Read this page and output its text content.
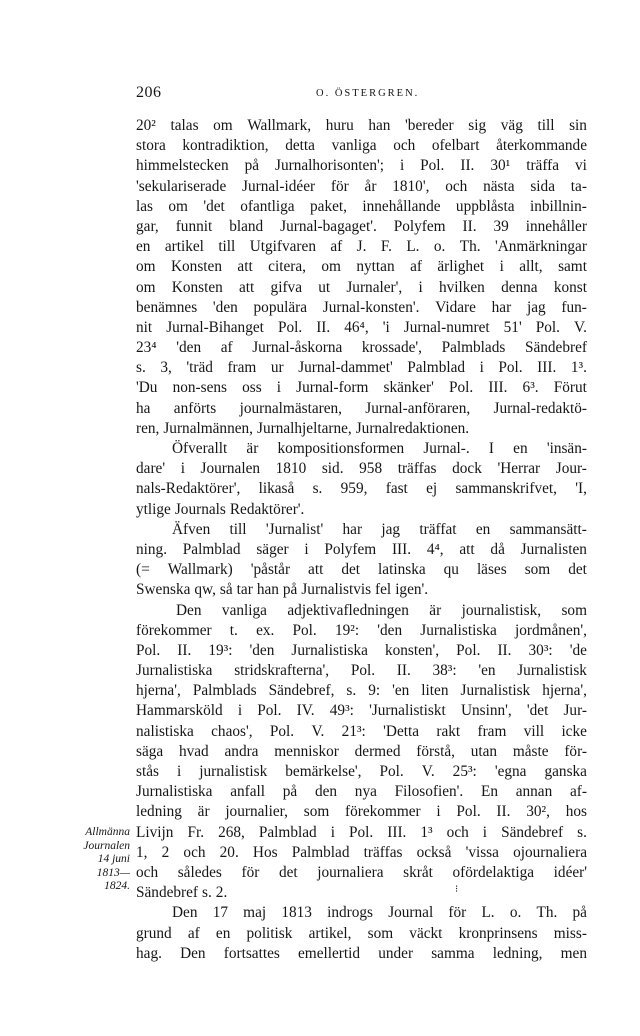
206	O. ÖSTERGREN.
20² talas om Wallmark, huru han 'bereder sig väg till sin
stora kontradiktion, detta vanliga och ofelbart återkommande
himmelstecken på Jurnalhorisonten'; i Pol. II. 30¹ träffa vi
'sekulariserade Jurnal-idéer för år 1810', och nästa sida ta-
las om 'det ofantliga paket, innehållande uppblåsta inbillnin-
gar, funnit bland Jurnal-bagaget'. Polyfem II. 39 innehåller
en artikel till Utgifvaren af J. F. L. o. Th. 'Anmärkningar
om Konsten att citera, om nyttan af ärlighet i allt, samt
om Konsten att gifva ut Jurnaler', i hvilken denna konst
benämnes 'den populära Jurnal-konsten'. Vidare har jag fun-
nit Jurnal-Bihanget Pol. II. 46⁴, 'i Jurnal-numret 51' Pol. V.
23⁴ 'den af Jurnal-åskorna krossade', Palmblads Sändebref
s. 3, 'träd fram ur Jurnal-dammet' Palmblad i Pol. III. 1³.
'Du non-sens oss i Jurnal-form skänker' Pol. III. 6³. Förut
ha anförts journalmästaren, Jurnal-anföraren, Jurnal-redaktö-
ren, Jurnalmännen, Jurnalhjeltarne, Jurnalredaktionen.
Öfverallt är kompositionsformen Jurnal-. I en 'insän-
dare' i Journalen 1810 sid. 958 träffas dock 'Herrar Jour-
nals-Redaktörer', likaså s. 959, fast ej sammanskrifvet, 'I,
ytlige Journals Redaktörer'.
Äfven till 'Jurnalist' har jag träffat en sammansätt-
ning. Palmblad säger i Polyfem III. 4⁴, att då Jurnalisten
(= Wallmark) 'påstår att det latinska qu läses som det
Swenska qw, så tar han på Jurnalistvis fel igen'.
Den vanliga adjektivafledningen är journalistisk, som
förekommer t. ex. Pol. 19²: 'den Jurnalistiska jordmånen',
Pol. II. 19³: 'den Jurnalistiska konsten', Pol. II. 30³: 'de
Jurnalistiska stridskrafterna', Pol. II. 38³: 'en Jurnalistisk
hjerna', Palmblads Sändebref, s. 9: 'en liten Jurnalistisk hjerna',
Hammarsköld i Pol. IV. 49³: 'Jurnalistiskt Unsinn', 'det Jur-
nalistiska chaos', Pol. V. 21³: 'Detta rakt fram vill icke
säga hvad andra menniskor dermed förstå, utan måste för-
stås i jurnalistisk bemärkelse', Pol. V. 25³: 'egna ganska
Jurnalistiska anfall på den nya Filosofien'. En annan af-
ledning är journalier, som förekommer i Pol. II. 30², hos
Livijn Fr. 268, Palmblad i Pol. III. 1³ och i Sändebref s.
1, 2 och 20. Hos Palmblad träffas också 'vissa ojournaliera
och således för det journaliera skråt ofördelaktiga idéer'
Sändebref s. 2.
Den 17 maj 1813 indrogs Journal för L. o. Th. på
grund af en politisk artikel, som väckt kronprinsens miss-
hag. Den fortsattes emellertid under samma ledning, men
Allmänna
Journalen
14 juni
1813—
1824.	⁝
